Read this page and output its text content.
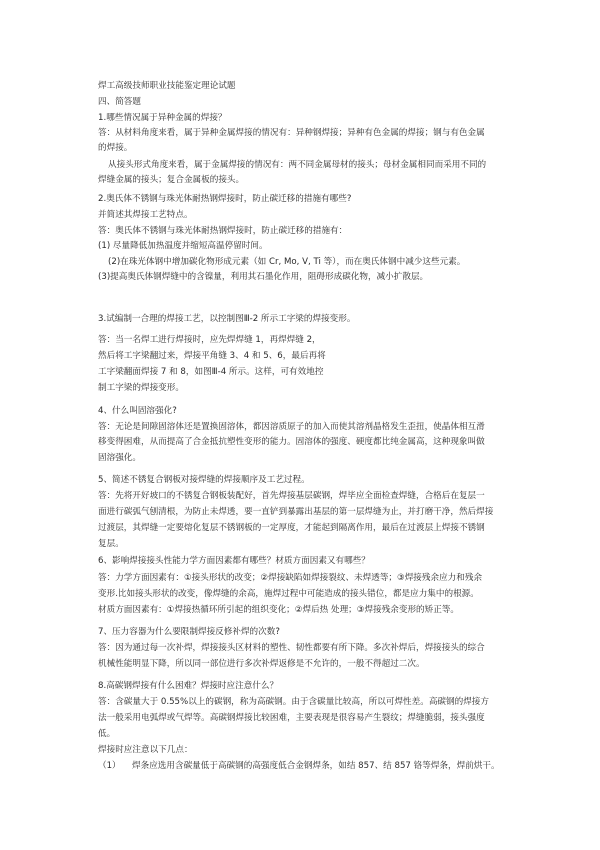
焊工高级技师职业技能鉴定理论试题
四、简答题
1.哪些情况属于异种金属的焊接？
答：从材料角度来看，属于异种金属焊接的情况有：异种钢焊接；异种有色金属的焊接；钢与有色金属
的焊接。
从接头形式角度来看，属于金属焊接的情况有：两不同金属母材的接头；母材金属相同而采用不同的
焊缝金属的接头；复合金属板的接头。
2.奥氏体不锈钢与珠光体耐热钢焊接时，防止碳迁移的措施有哪些?
并简述其焊接工艺特点。
答：奥氏体不锈钢与珠光体耐热钢焊接时，防止碳迁移的措施有：
(1) 尽量降低加热温度并缩短高温停留时间。
(2)在珠光体钢中增加碳化物形成元素（如 Cr, Mo, V, Ti 等），而在奥氏体钢中减少这些元素。
(3)提高奥氏体钢焊缝中的含镍量，利用其石墨化作用，阻碍形成碳化物，减小扩散层。
3.试编制一合理的焊接工艺，以控制图Ⅲ-2 所示工字梁的焊接变形。
答：当一名焊工进行焊接时，应先焊焊缝 1，再焊焊缝 2，
然后将工字梁翻过来，焊接平角缝 3、4 和 5、6，最后再将
工字梁翻面焊接 7 和 8，如图Ⅲ-4 所示。这样，可有效地控
制工字梁的焊接变形。
4、什么叫固溶强化?
答：无论是间隙固溶体还是置换固溶体，都因溶质原子的加入而使其溶剂晶格发生歪扭，使晶体相互滑
移变得困难，从而提高了合金抵抗塑性变形的能力。固溶体的强度、硬度都比纯金属高，这种现象叫做
固溶强化。
5、简述不锈复合钢板对接焊缝的焊接顺序及工艺过程。
答：先将开好坡口的不锈复合钢板装配好，首先焊接基层碳钢，焊毕应全面检查焊缝，合格后在复层一
面进行碳弧气刨清根，为防止未焊透，要一直铲到暴露出基层的第一层焊缝为止，并打磨干净，然后焊接
过渡层，其焊缝一定要熔化复层不锈钢板的一定厚度，才能起到隔离作用，最后在过渡层上焊接不锈钢
复层。
6、影响焊接接头性能力学方面因素都有哪些？材质方面因素又有哪些？
答：力学方面因素有：①接头形状的改变；②焊接缺陷如焊接裂纹、未焊透等；③焊接残余应力和残余
变形.比如接头形状的改变，像焊缝的余高，施焊过程中可能造成的接头错位，都是应力集中的根源。
材质方面因素有：①焊接热循环所引起的组织变化；②焊后热 处理；③焊接残余变形的矫正等。
7、压力容器为什么要限制焊接反修补焊的次数?
答：因为通过每一次补焊，焊接接头区材料的塑性、韧性都要有所下降。多次补焊后，焊接接头的综合
机械性能明显下降，所以同一部位进行多次补焊返修是不允许的，一般不得超过二次。
8.高碳钢焊接有什么困难？焊接时应注意什么？
答：含碳量大于 0.55%以上的碳钢，称为高碳钢。由于含碳量比较高，所以可焊性差。高碳钢的焊接方
法一般采用电弧焊或气焊等。高碳钢焊接比较困难，主要表现是很容易产生裂纹；焊缝脆弱，接头强度
低。
焊接时应注意以下几点：
（1） 焊条应选用含碳量低于高碳钢的高强度低合金钢焊条，如结 857、结 857 铬等焊条，焊前烘干。
